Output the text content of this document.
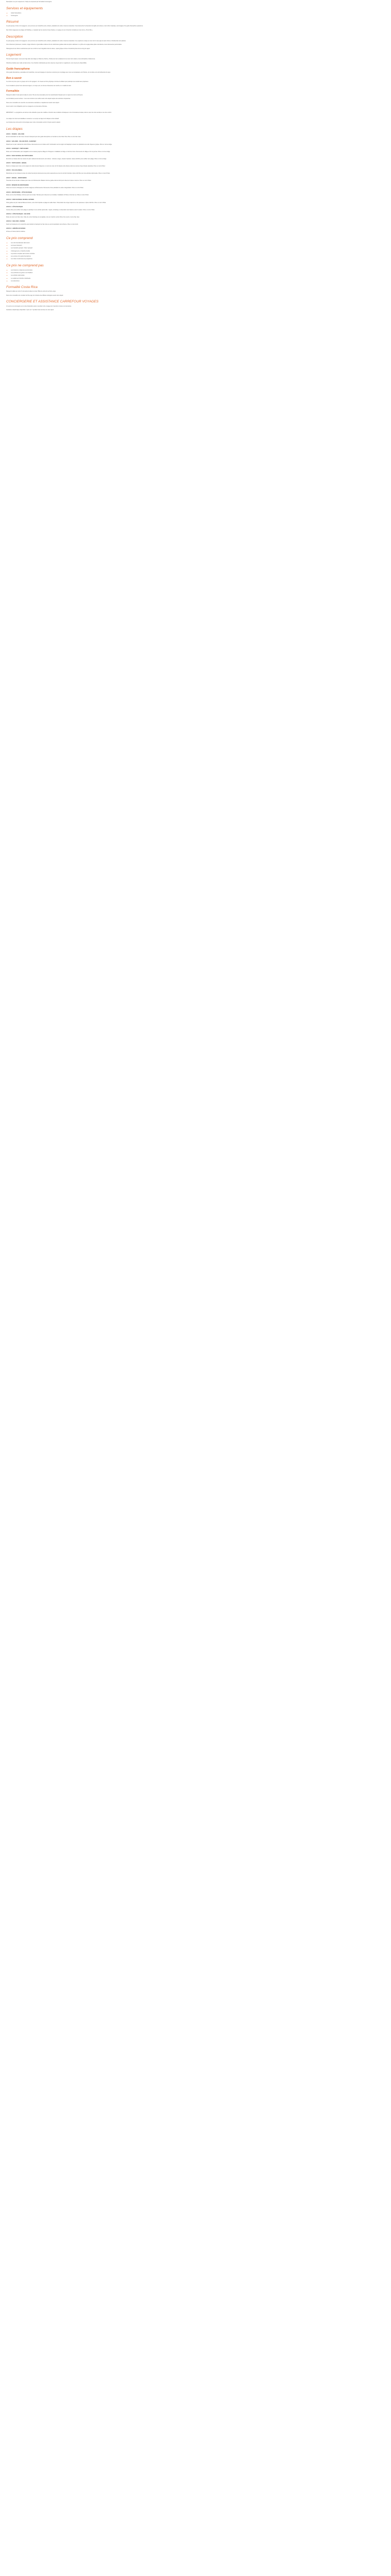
Description à ce jour uniquement / Carpe-to-composed par Formalités Conciergerie

Services et équipements
▪ Guide francophone
▪ Conciergerie
Résumé

Ce petit groupe, limité à 12 voyageurs, vous emmène au Costa Rica entre volcans, plantations de café et réserves naturelles. Vous découvrirez la diversité incroyable de la faune et de la flore tropicales, accompagné d'un guide francophone passionné.

Des forêts nuageuses aux plages du Pacifique, en passant par les sources d'eau chaude, ce voyage est une immersion complète au cœur de la « Pura Vida ».

Description

Ce petit groupe, limité à 12 voyageurs, vous emmène au Costa Rica entre volcans, plantations de café et réserves naturelles. Une expérience unique au cœur de l'un des pays les plus riches en biodiversité de la planète.

Vous observerez paresseux, toucans, singes hurleurs et grenouilles colorées lors de randonnées guidées dans les parcs nationaux. Le rythme du voyage laisse place à la détente et aux découvertes personnelles.

Hébergements de charme sélectionnés pour leur confort et leur intégration dans la nature, repas typiques inclus et transferts privés tout au long du séjour.

Logement

Tout au long du séjour, vous serez logé dans des lodges et hôtels de charme, choisis pour leur emplacement au cœur de la nature et leur atmosphère chaleureuse.

Chambres doubles avec salle de bain privée. Une chambre individuelle peut être réservée moyennant un supplément, sous réserve de disponibilité.

Guide francophone

Votre guide francophone, spécialiste du Costa Rica, vous accompagne du premier au dernier jour et partage avec vous sa connaissance de l'histoire, de la culture et de la biodiversité du pays.

Bon à savoir

Ce circuit est prévu pour un groupe de 6 à 12 voyageurs. Un niveau de forme physique normal est suffisant pour participer aux randonnées proposées.

Il est conseillé de prévoir des vêtements légers, un coupe-vent, de bonnes chaussures de marche et un maillot de bain.

Formalités

Passeport valide 6 mois après la date de retour. Pas de visa nécessaire pour les ressortissants français pour un séjour de moins de 90 jours.

Les formalités peuvent évoluer : nous vous invitons à les vérifier avant votre départ auprès des autorités compétentes.

Nous vous conseillons de souscrire une assurance assistance et rapatriement avant votre départ.

Aucun vaccin n'est obligatoire pour les voyageurs en provenance d'Europe.

IMPORTANT : Le programme est donné à titre indicatif et peut être modifié en fonction des conditions climatiques ou de circonstances locales, dans le souci de votre sécurité et de votre confort.

Les étapes du circuit sont détaillées ci-dessous. Les temps de trajet sont indiqués à titre indicatif.

Les horaires des vols seront communiqués avec votre convocation environ 10 jours avant le départ.

Les étapes
JOUR 1 : FRANCE - SAN JOSÉ

Envol à destination de San José. Accueil à l'aéroport par votre guide francophone et transfert à votre hôtel. Dîner libre et nuit à San José.

JOUR 2 : SAN JOSÉ - VOLCAN POÁS - SARAPIQUÍ

Départ pour le parc national du volcan Poás et découverte de son cratère actif. Continuation vers la région de Sarapiquí à travers les plantations de café. Déjeuner typique. Dîner et nuit au lodge.

JOUR 3 : SARAPIQUÍ - TORTUGUERO

Route vers l'embarcadère puis navigation sur les canaux jusqu'au village de Tortuguero. Installation au lodge en bord de rivière. Découverte du village en fin de journée. Dîner et nuit au lodge.

JOUR 4 : PARC NATIONAL DE TORTUGUERO

Excursion en bateau dans les canaux du parc national à la découverte de la faune : caïmans, singes, oiseaux tropicaux. Après-midi libre pour profiter de la plage. Dîner et nuit au lodge.

JOUR 5 : TORTUGUERO - ARENAL

Retour en bateau puis route vers la région du volcan Arenal. Déjeuner en cours de route. En fin d'après-midi, détente dans les sources d'eau chaude naturelles. Dîner et nuit à l'hôtel.

JOUR 6 : VOLCAN ARENAL

Randonnée sur les coulées de lave du volcan Arenal puis découverte des ponts suspendus au cœur de la forêt tropicale. Après-midi libre pour des activités optionnelles. Dîner et nuit à l'hôtel.

JOUR 7 : ARENAL - MONTEVERDE

Traversée du lac Arenal en bateau puis route vers Monteverde. Balade nocturne guidée dans la forêt pour observer la faune nocturne. Dîner et nuit à l'hôtel.

JOUR 8 : RÉSERVE DE MONTEVERDE

Visite de la réserve biologique de la forêt nuageuse de Monteverde. Découverte d'une plantation de café et dégustation. Dîner et nuit à l'hôtel.

JOUR 9 : MONTEVERDE - CÔTE PACIFIQUE

Route vers la côte Pacifique. Arrêt au pont de la rivière Tárcoles pour observer les crocodiles. Installation à l'hôtel en bord de mer. Dîner et nuit à l'hôtel.

JOUR 10 : PARC NATIONAL MANUEL ANTONIO

Visite guidée du parc national Manuel Antonio, entre forêt tropicale et plages de sable blanc. Observation des singes capucins et des paresseux. Après-midi libre. Dîner et nuit à l'hôtel.

JOUR 11 : CÔTE PACIFIQUE

Journée libre pour profiter de la plage ou participer à une activité optionnelle : kayak, snorkeling ou observation des baleines selon la saison. Dîner et nuit à l'hôtel.

JOUR 12 : CÔTE PACIFIQUE - SAN JOSÉ

Route de retour vers San José. Visite du centre historique de la capitale et de son marché central. Dîner d'au revoir et nuit à San José.

JOUR 13 : SAN JOSÉ - FRANCE

Selon les horaires de vol, temps libre puis transfert à l'aéroport de San José et envol à destination de la France. Dîner et nuit à bord.

JOUR 14 : ARRIVÉE EN FRANCE

Arrivée en France dans la matinée.

Ce prix comprend
▪ Les vols internationaux aller-retour
▪ Les taxes d'aéroport
▪ Les transferts aéroport / hôtel / aéroport
▪ L'hébergement en chambre double
▪ La pension complète sauf mention contraire
▪ Les services d'un guide francophone
▪ Les visites mentionnées au programme
Ce prix ne comprend pas
▪ Les boissons et dépenses personnelles
▪ Les pourboires au guide et au chauffeur
▪ Les activités optionnelles
▪ Le supplément chambre individuelle
▪ Les assurances
Formalité Costa Rica

Passeport valide au moins 6 mois après la date de retour. Billet de sortie du territoire exigé.

Nous vous conseillons de consulter la fiche pays du ministère des Affaires étrangères avant votre départ.

CONCIERGERIE ET ASSISTANCE CARREFOUR VOYAGES

Un service de conciergerie est à votre disposition avant et pendant votre voyage pour répondre à toutes vos demandes.

Assistance téléphonique disponible 7 jours sur 7 pendant toute la durée de votre séjour.
